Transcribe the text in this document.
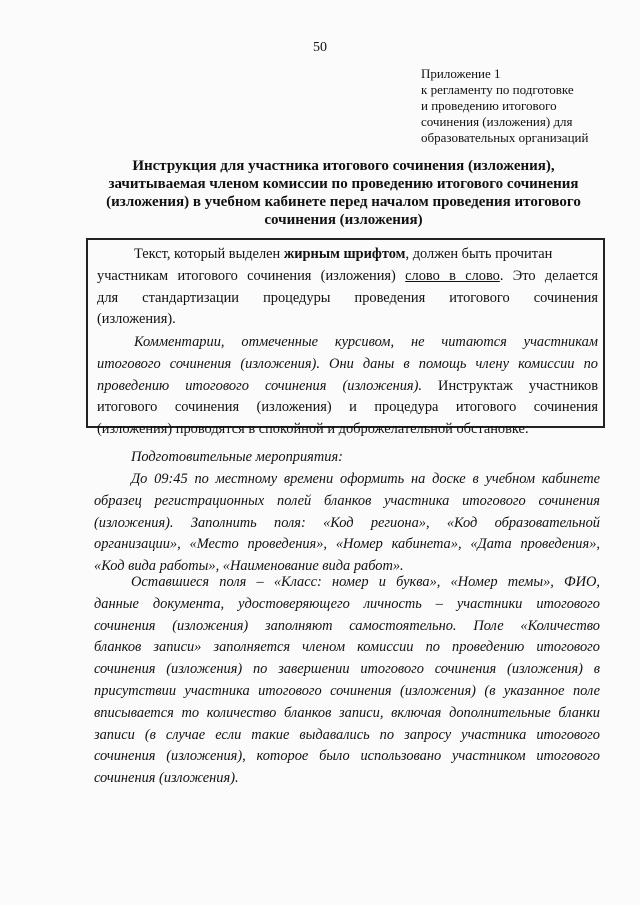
50
Приложение 1
к регламенту по подготовке
и проведению итогового
сочинения (изложения) для
образовательных организаций
Инструкция для участника итогового сочинения (изложения),
зачитываемая членом комиссии по проведению итогового сочинения
(изложения) в учебном кабинете перед началом проведения итогового
сочинения (изложения)

Текст, который выделен жирным шрифтом, должен быть прочитан
участникам итогового сочинения (изложения) слово в слово. Это делается
для стандартизации процедуры проведения итогового сочинения
(изложения).

Комментарии, отмеченные курсивом, не читаются участникам
итогового сочинения (изложения). Они даны в помощь члену комиссии по
проведению итогового сочинения (изложения). Инструктаж участников
итогового сочинения (изложения) и процедура итогового сочинения
(изложения) проводятся в спокойной и доброжелательной обстановке.

Подготовительные мероприятия:

До 09:45 по местному времени оформить на доске в учебном кабинете
образец регистрационных полей бланков участника итогового сочинения
(изложения). Заполнить поля: «Код региона», «Код образовательной
организации», «Место проведения», «Номер кабинета», «Дата проведения»,
«Код вида работы», «Наименование вида работ».

Оставшиеся поля – «Класс: номер и буква», «Номер темы», ФИО,
данные документа, удостоверяющего личность – участники итогового
сочинения (изложения) заполняют самостоятельно. Поле «Количество
бланков записи» заполняется членом комиссии по проведению итогового
сочинения (изложения) по завершении итогового сочинения (изложения) в
присутствии участника итогового сочинения (изложения) (в указанное поле
вписывается то количество бланков записи, включая дополнительные бланки
записи (в случае если такие выдавались по запросу участника итогового
сочинения (изложения), которое было использовано участником итогового
сочинения (изложения).
